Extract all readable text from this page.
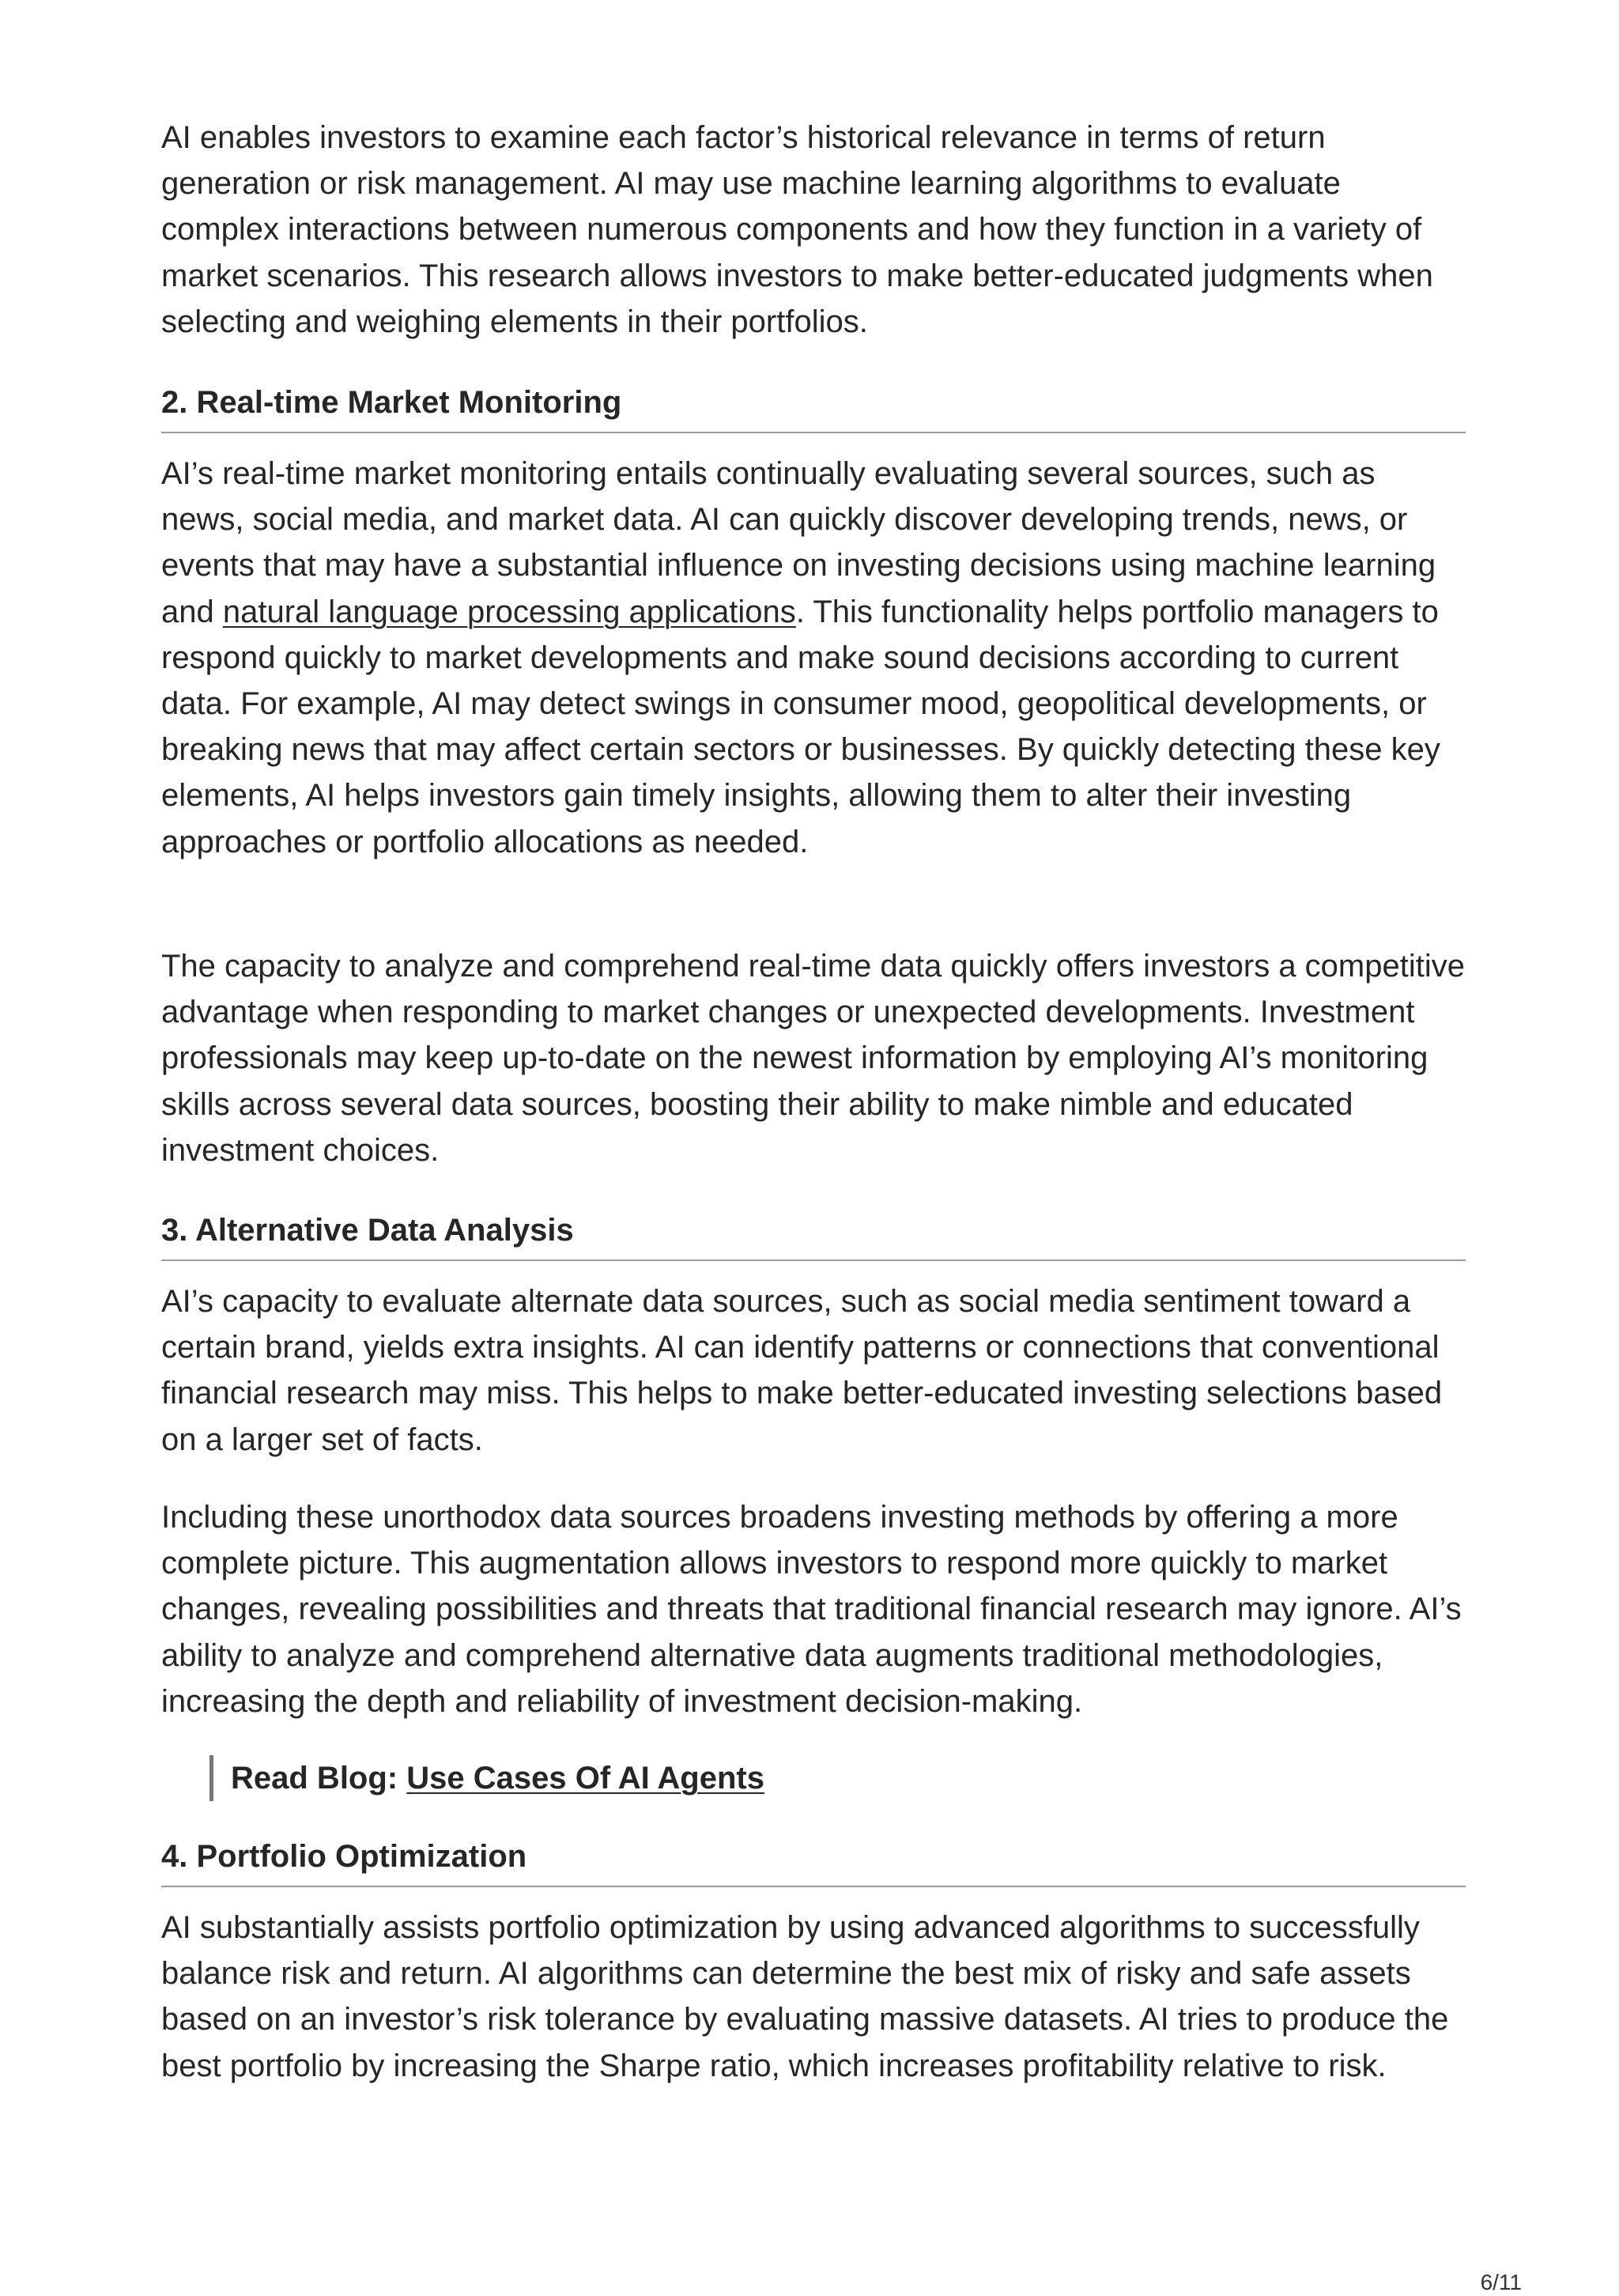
AI enables investors to examine each factor’s historical relevance in terms of return generation or risk management. AI may use machine learning algorithms to evaluate complex interactions between numerous components and how they function in a variety of market scenarios. This research allows investors to make better-educated judgments when selecting and weighing elements in their portfolios.

2. Real-time Market Monitoring

AI’s real-time market monitoring entails continually evaluating several sources, such as news, social media, and market data. AI can quickly discover developing trends, news, or events that may have a substantial influence on investing decisions using machine learning and natural language processing applications. This functionality helps portfolio managers to respond quickly to market developments and make sound decisions according to current data. For example, AI may detect swings in consumer mood, geopolitical developments, or breaking news that may affect certain sectors or businesses. By quickly detecting these key elements, AI helps investors gain timely insights, allowing them to alter their investing approaches or portfolio allocations as needed.

The capacity to analyze and comprehend real-time data quickly offers investors a competitive advantage when responding to market changes or unexpected developments. Investment professionals may keep up-to-date on the newest information by employing AI’s monitoring skills across several data sources, boosting their ability to make nimble and educated investment choices.

3. Alternative Data Analysis

AI’s capacity to evaluate alternate data sources, such as social media sentiment toward a certain brand, yields extra insights. AI can identify patterns or connections that conventional financial research may miss. This helps to make better-educated investing selections based on a larger set of facts.

Including these unorthodox data sources broadens investing methods by offering a more complete picture. This augmentation allows investors to respond more quickly to market changes, revealing possibilities and threats that traditional financial research may ignore. AI’s ability to analyze and comprehend alternative data augments traditional methodologies, increasing the depth and reliability of investment decision-making.

Read Blog: Use Cases Of AI Agents
4. Portfolio Optimization

AI substantially assists portfolio optimization by using advanced algorithms to successfully balance risk and return. AI algorithms can determine the best mix of risky and safe assets based on an investor’s risk tolerance by evaluating massive datasets. AI tries to produce the best portfolio by increasing the Sharpe ratio, which increases profitability relative to risk.

6/11
